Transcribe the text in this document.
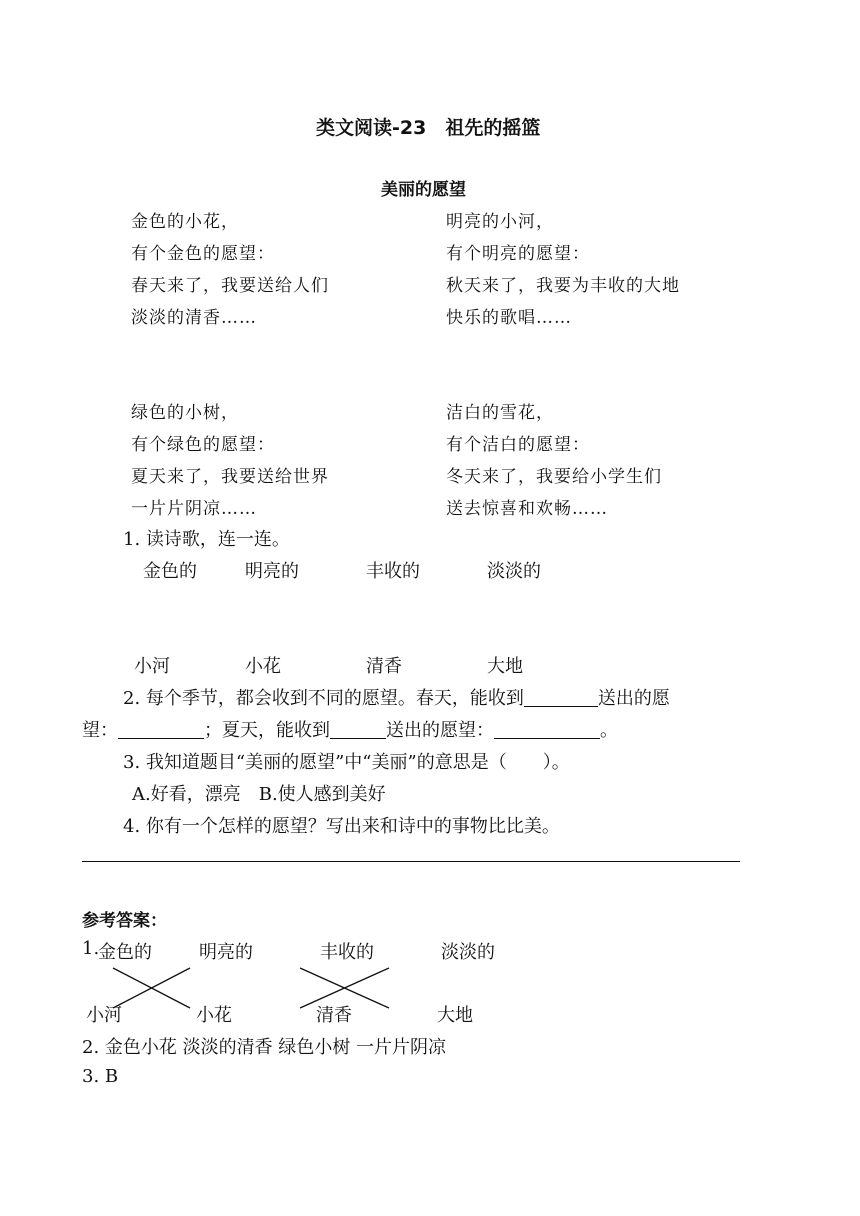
类文阅读-23　祖先的摇篮
美丽的愿望
金色的小花，
有个金色的愿望：
春天来了，我要送给人们
淡淡的清香……
明亮的小河，
有个明亮的愿望：
秋天来了，我要为丰收的大地
快乐的歌唱……
绿色的小树，
有个绿色的愿望：
夏天来了，我要送给世界
一片片阴凉……
洁白的雪花，
有个洁白的愿望：
冬天来了，我要给小学生们
送去惊喜和欢畅……
1. 读诗歌，连一连。
金色的	明亮的	丰收的	淡淡的
小河	小花	清香	大地
2. 每个季节，都会收到不同的愿望。春天，能收到	送出的愿
望：	；夏天，能收到	送出的愿望：	。
3. 我知道题目“美丽的愿望”中“美丽”的意思是（　　）。
A.好看，漂亮　B.使人感到美好
4. 你有一个怎样的愿望？写出来和诗中的事物比比美。
参考答案：
1.
金色的	明亮的	丰收的	淡淡的
小河	小花	清香	大地
2. 金色小花 淡淡的清香 绿色小树 一片片阴凉
3. B
